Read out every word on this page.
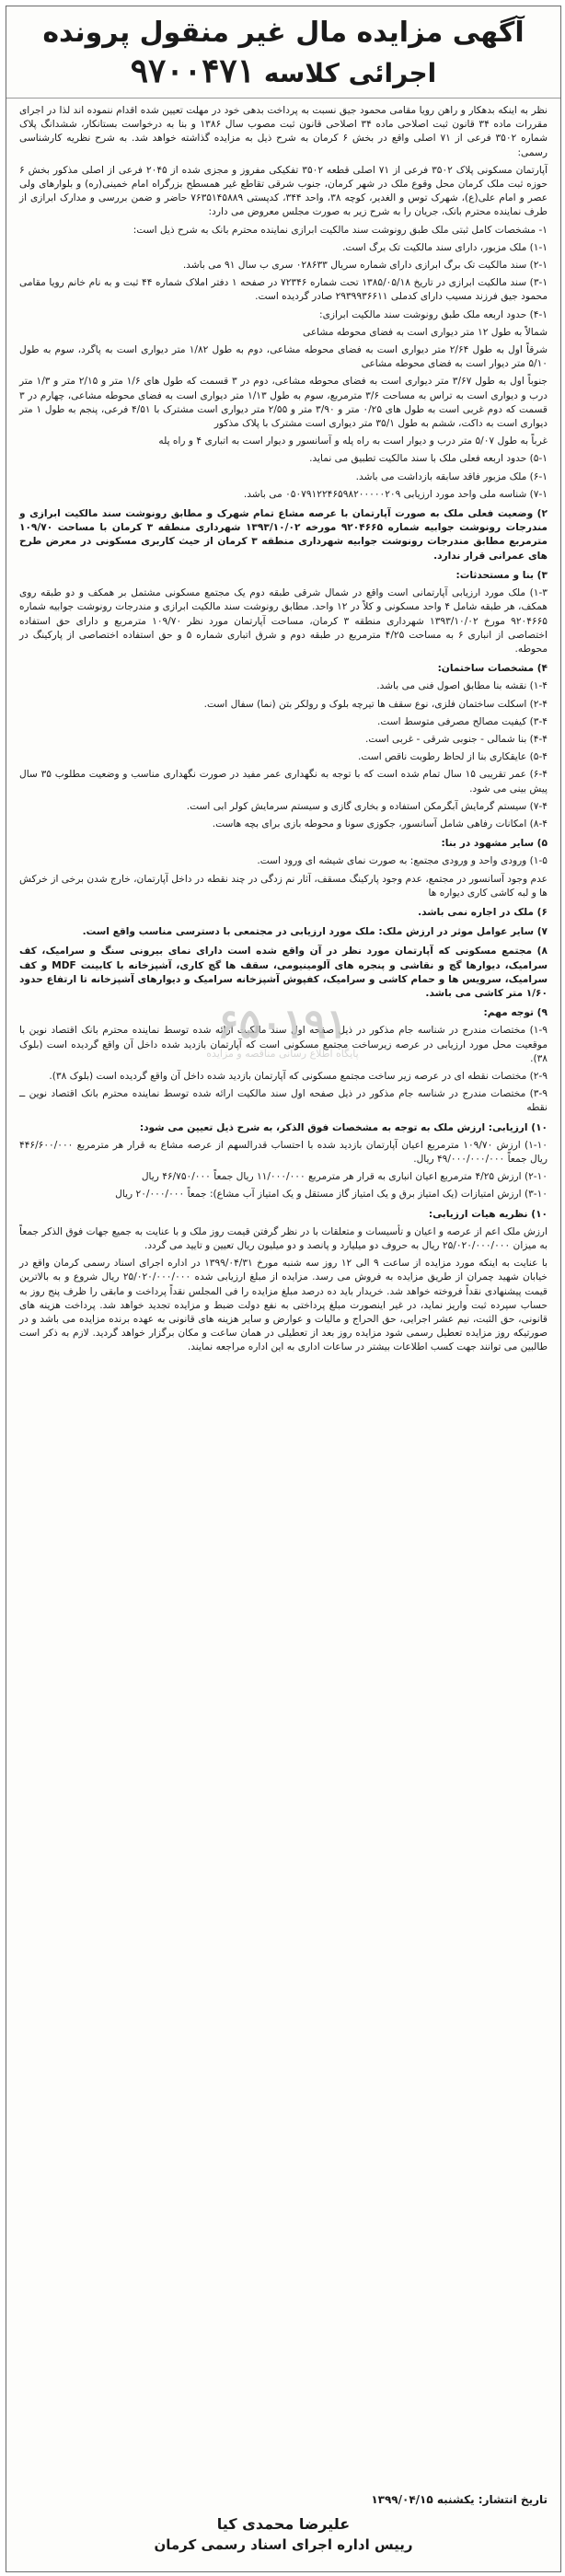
آگهی مزایده مال غیر منقول پرونده
اجرائی کلاسه ۹۷۰۰۴۷۱

نظر به اینکه بدهکار و راهن رویا مقامی محمود جیق نسبت به پرداخت بدهی خود در مهلت تعیین شده اقدام ننموده اند لذا در اجرای مقررات ماده ۳۴ قانون ثبت اصلاحی ماده ۳۴ اصلاحی قانون ثبت مصوب سال ۱۳۸۶ و بنا به درخواست بستانکار، ششدانگ پلاک شماره ۳۵۰۲ فرعی از ۷۱ اصلی واقع در بخش ۶ کرمان به شرح ذیل به مزایده گذاشته خواهد شد. به شرح نظریه کارشناسی رسمی:

آپارتمان مسکونی پلاک ۳۵۰۲ فرعی از ۷۱ اصلی قطعه ۳۵۰۲ تفکیکی مفروز و مجزی شده از ۲۰۴۵ فرعی از اصلی مذکور بخش ۶ حوزه ثبت ملک کرمان محل وقوع ملک در شهر کرمان، جنوب شرقی تقاطع غیر همسطح بزرگراه امام خمینی(ره) و بلوارهای ولی عصر و امام علی(ع)، شهرک توس و الغدیر، کوچه ۳۸، واحد ۳۴۴، کدپستی ۷۶۳۵۱۴۵۸۸۹ حاضر و ضمن بررسی و مدارک ابرازی از طرف نماینده محترم بانک، جریان را به شرح زیر به صورت مجلس معروض می دارد:

۱- مشخصات کامل ثبتی ملک طبق رونوشت سند مالکیت ابرازی نماینده محترم بانک به شرح ذیل است:

۱-۱) ملک مزبور، دارای سند مالکیت تک برگ است.

۲-۱) سند مالکیت تک برگ ابرازی دارای شماره سریال ۰۲۸۶۳۳ سری ب سال ۹۱ می باشد.

۳-۱) سند مالکیت ابرازی در تاریخ ۱۳۸۵/۰۵/۱۸ تحت شماره ۷۲۳۴۶ در صفحه ۱ دفتر املاک شماره ۴۴ ثبت و به نام خانم رویا مقامی محمود جیق فرزند مسیب دارای کدملی ۲۹۳۹۹۳۶۶۱۱ صادر گردیده است.

۴-۱) حدود اربعه ملک طبق رونوشت سند مالکیت ابرازی:

شمالاً به طول ۱۲ متر دیواری است به فضای محوطه مشاعی

شرقاً اول به طول ۲/۶۴ متر دیواری است به فضای محوطه مشاعی، دوم به طول ۱/۸۲ متر دیواری است به پاگرد، سوم به طول ۵/۱۰ متر دیوار است به فضای محوطه مشاعی

جنوباً اول به طول ۳/۶۷ متر دیواری است به فضای محوطه مشاعی، دوم در ۳ قسمت که طول های ۱/۶ متر و ۲/۱۵ متر و ۱/۳ متر درب و دیواری است به تراس به مساحت ۳/۶ مترمربع، سوم به طول ۱/۱۳ متر دیواری است به فضای محوطه مشاعی، چهارم در ۳ قسمت که دوم غربی است به طول های ۰/۲۵ متر و ۳/۹۰ متر و ۲/۵۵ متر دیواری است مشترک با ۴/۵۱ فرعی، پنجم به طول ۱ متر دیواری است به داکت، ششم به طول ۳۵/۱ متر دیواری است مشترک با پلاک مذکور

غرباً به طول ۵/۰۷ متر درب و دیوار است به راه پله و آسانسور و دیوار است به اتباری ۴ و راه پله

۵-۱) حدود اربعه فعلی ملک با سند مالکیت تطبیق می نماید.

۶-۱) ملک مزبور فاقد سابقه بازداشت می باشد.

۷-۱) شناسه ملی واحد مورد ارزیابی ۰۵۰۷۹۱۲۲۴۶۵۹۸۲۰۰۰۰۰۲۰۹ می باشد.

۲) وضعیت فعلی ملک به صورت آپارتمان با عرصه مشاع تمام شهرک و مطابق رونوشت سند مالکیت ابرازی و مندرجات رونوشت جوابیه شماره ۹۲۰۴۶۶۵ مورخه ۱۳۹۳/۱۰/۰۲ شهرداری منطقه ۳ کرمان با مساحت ۱۰۹/۷۰ مترمربع مطابق مندرجات رونوشت جوابیه شهرداری منطقه ۳ کرمان از حیث کاربری مسکونی در معرض طرح های عمرانی قرار ندارد.

۳) بنا و مستحدثات:

۱-۳) ملک مورد ارزیابی آپارتمانی است واقع در شمال شرقی طبقه دوم یک مجتمع مسکونی مشتمل بر همکف و دو طبقه روی همکف، هر طبقه شامل ۴ واحد مسکونی و کلاً در ۱۲ واحد. مطابق رونوشت سند مالکیت ابرازی و مندرجات رونوشت جوابیه شماره ۹۲۰۴۶۶۵ مورخ ۱۳۹۳/۱۰/۰۲ شهرداری منطقه ۳ کرمان، مساحت آپارتمان مورد نظر ۱۰۹/۷۰ مترمربع و دارای حق استفاده اختصاصی از انباری ۶ به مساحت ۴/۲۵ مترمربع در طبقه دوم و شرق اتباری شماره ۵ و حق استفاده اختصاصی از پارکینگ در محوطه.

۴) مشخصات ساختمان:

۱-۴) نقشه بنا مطابق اصول فنی می باشد.

۲-۴) اسکلت ساختمان فلزی، نوع سقف ها تیرچه بلوک و رولکر بتن (نما) سفال است.

۳-۴) کیفیت مصالح مصرفی متوسط است.

۴-۴) بنا شمالی - جنوبی شرقی - غربی است.

۵-۴) عایقکاری بنا از لحاظ رطوبت ناقص است.

۶-۴) عمر تقریبی ۱۵ سال تمام شده است که با توجه به نگهداری عمر مفید در صورت نگهداری مناسب و وضعیت مطلوب ۳۵ سال پیش بینی می شود.

۷-۴) سیستم گرمایش آبگرمکن استفاده و بخاری گازی و سیستم سرمایش کولر ابی است.

۸-۴) امکانات رفاهی شامل آسانسور، جکوزی سونا و محوطه بازی برای بچه هاست.

۵) سایر مشهود در بنا:

۱-۵) ورودی واحد و ورودی مجتمع: به صورت نمای شیشه ای ورود است.

عدم وجود آسانسور در مجتمع، عدم وجود پارکینگ مسقف، آثار نم زدگی در چند نقطه در داخل آپارتمان، خارج شدن برخی از خرکش ها و لبه کاشی کاری دیواره ها

۶) ملک در اجاره نمی باشد.

۷) سایر عوامل موثر در ارزش ملک: ملک مورد ارزیابی در مجتمعی با دسترسی مناسب واقع است.

۸) مجتمع مسکونی که آپارتمان مورد نظر در آن واقع شده است دارای نمای بیرونی سنگ و سرامیک، کف سرامیک، دیوارها گچ و نقاشی و پنجره های آلومینیومی، سقف ها گچ کاری، آشپزخانه با کابینت MDF و کف سرامیک، سرویس ها و حمام کاشی و سرامیک، کفپوش آشپزخانه سرامیک و دیوارهای آشپزخانه تا ارتفاع حدود ۱/۶۰ متر کاشی می باشد.

۹) توجه مهم:

۱-۹) مختصات مندرج در شناسه جام مذکور در ذیل صفحه اول سند مالکیت ارائه شده توسط نماینده محترم بانک اقتصاد نوین با موقعیت محل مورد ارزیابی در عرصه زیرساخت مجتمع مسکونی است که آپارتمان بازدید شده داخل آن واقع گردیده است (بلوک ۳۸).

۲-۹) مختصات نقطه ای در عرصه زیر ساخت مجتمع مسکونی که آپارتمان بازدید شده داخل آن واقع گردیده است (بلوک ۳۸).

۳-۹) مختصات مندرج در شناسه جام مذکور در ذیل صفحه اول سند مالکیت ارائه شده توسط نماینده محترم بانک اقتصاد نوین ــ نقطه

۱۰) ارزیابی: ارزش ملک به توجه به مشخصات فوق الذکر، به شرح ذیل تعیین می شود:

۱-۱۰) ارزش ۱۰۹/۷۰ مترمربع اعیان آپارتمان بازدید شده با احتساب قدرالسهم از عرصه مشاع به قرار هر مترمربع ۴۴۶/۶۰۰/۰۰۰ ریال جمعاً ۴۹/۰۰۰/۰۰۰/۰۰۰ ریال.

۲-۱۰) ارزش ۴/۲۵ مترمربع اعیان انباری به قرار هر مترمربع ۱۱/۰۰۰/۰۰۰ ریال جمعاً ۴۶/۷۵۰/۰۰۰ ریال

۳-۱۰) ارزش امتیازات (یک امتیاز برق و یک امتیاز گاز مستقل و یک امتیاز آب مشاع): جمعاً ۲۰/۰۰۰/۰۰۰ ریال

۱۰) نظریه هیات ارزیابی:

ارزش ملک اعم از عرصه و اعیان و تأسیسات و متعلقات با در نظر گرفتن قیمت روز ملک و با عنایت به جمیع جهات فوق الذکر جمعاً به میزان ۲۵/۰۲۰/۰۰۰/۰۰۰ ریال به حروف دو میلیارد و پانصد و دو میلیون ریال تعیین و تایید می گردد.

با عنایت به اینکه مورد مزایده از ساعت ۹ الی ۱۲ روز سه شنبه مورخ ۱۳۹۹/۰۴/۳۱ در اداره اجرای اسناد رسمی کرمان واقع در خیابان شهید چمران از طریق مزایده به فروش می رسد. مزایده از مبلغ ارزیابی شده ۲۵/۰۲۰/۰۰۰/۰۰۰ ریال شروع و به بالاترین قیمت پیشنهادی نقداً فروخته خواهد شد. خریدار باید ده درصد مبلغ مزایده را فی المجلس نقداً پرداخت و مابقی را ظرف پنج روز به حساب سپرده ثبت واریز نماید، در غیر اینصورت مبلغ پرداختی به نفع دولت ضبط و مزایده تجدید خواهد شد. پرداخت هزینه های قانونی، حق الثبت، نیم عشر اجرایی، حق الحراج و مالیات و عوارض و سایر هزینه های قانونی به عهده برنده مزایده می باشد و در صورتیکه روز مزایده تعطیل رسمی شود مزایده روز بعد از تعطیلی در همان ساعت و مکان برگزار خواهد گردید. لازم به ذکر است طالبین می توانند جهت کسب اطلاعات بیشتر در ساعات اداری به این اداره مراجعه نمایند.

۶۵۰۱۹۱
پایگاه اطلاع رسانی مناقصه و مزایده
تاریخ انتشار: یکشنبه ۱۳۹۹/۰۴/۱۵
علیرضا محمدی کیا
رییس اداره اجرای اسناد رسمی کرمان
